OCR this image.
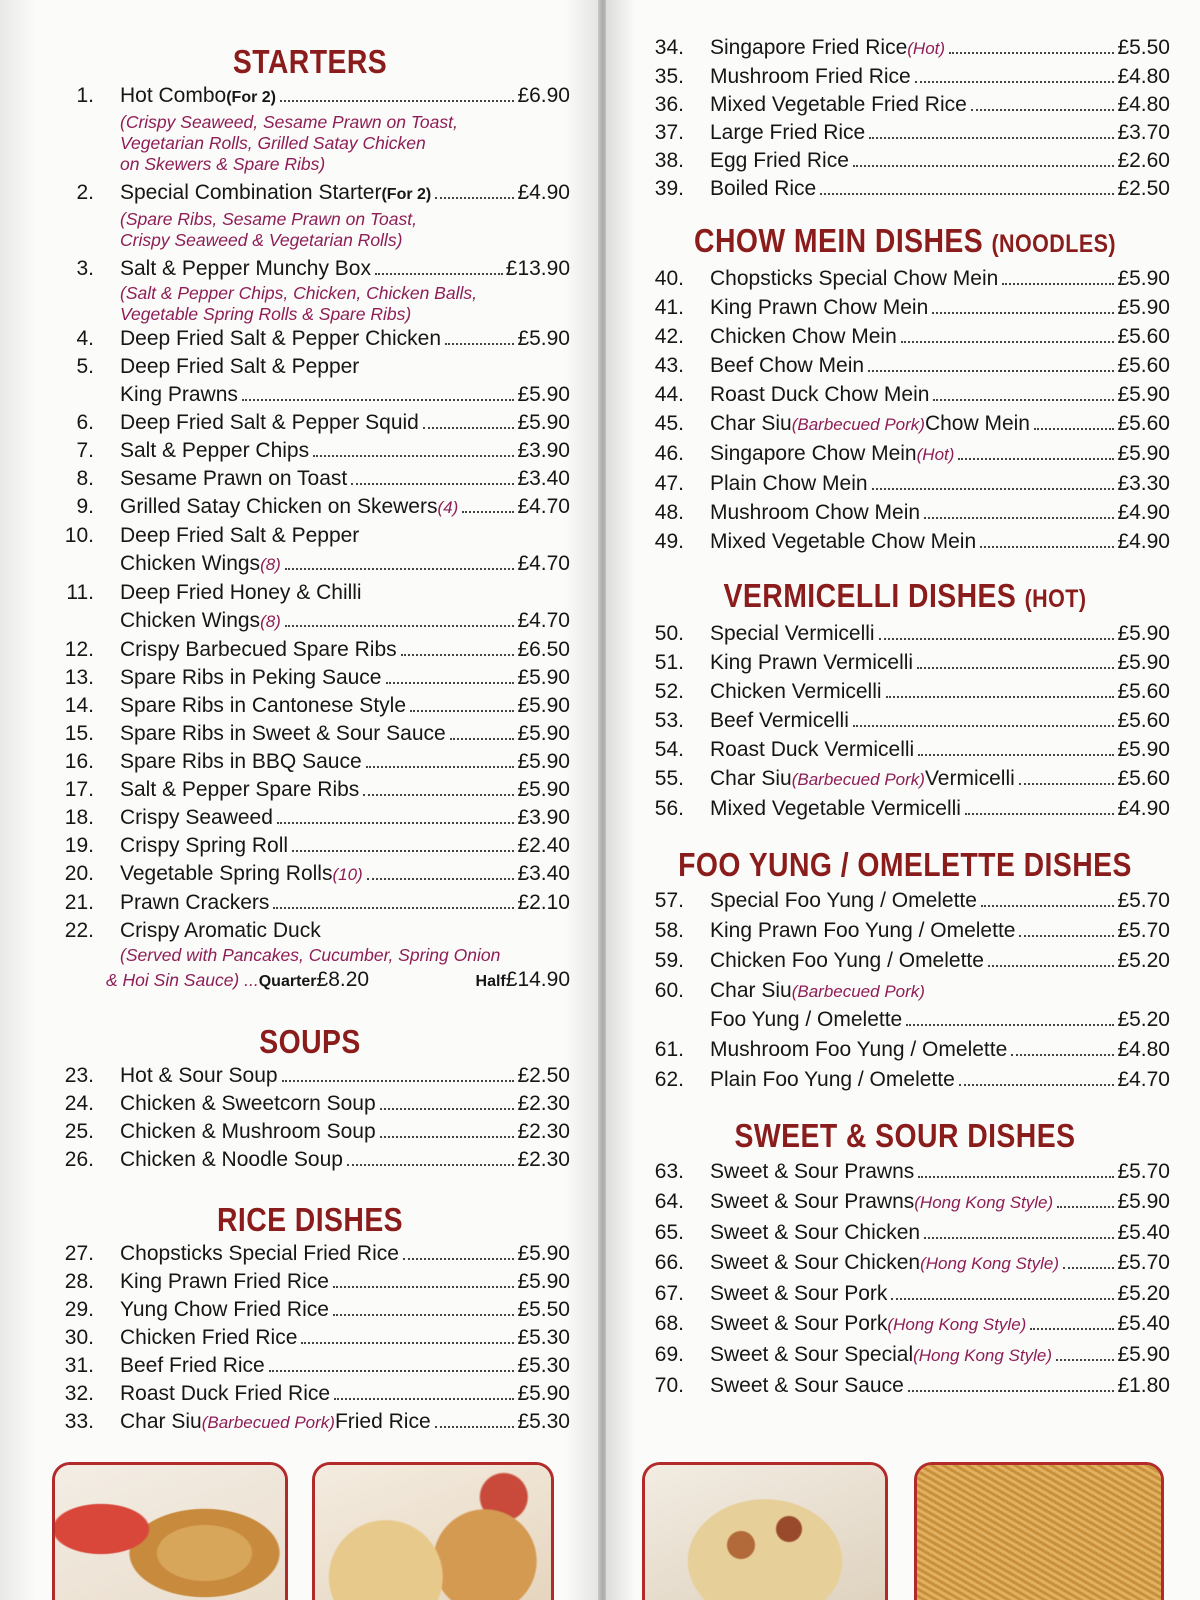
STARTERS
1. Hot Combo (For 2)	£6.90
(Crispy Seaweed, Sesame Prawn on Toast,
Vegetarian Rolls, Grilled Satay Chicken
on Skewers & Spare Ribs)
2. Special Combination Starter (For 2)	£4.90
(Spare Ribs, Sesame Prawn on Toast,
Crispy Seaweed & Vegetarian Rolls)
3. Salt & Pepper Munchy Box	£13.90
(Salt & Pepper Chips, Chicken, Chicken Balls,
Vegetable Spring Rolls & Spare Ribs)
4. Deep Fried Salt & Pepper Chicken	£5.90
5. Deep Fried Salt & Pepper
King Prawns	£5.90
6. Deep Fried Salt & Pepper Squid	£5.90
7. Salt & Pepper Chips	£3.90
8. Sesame Prawn on Toast	£3.40
9. Grilled Satay Chicken on Skewers (4)	£4.70
10. Deep Fried Salt & Pepper
Chicken Wings (8)	£4.70
11. Deep Fried Honey & Chilli
Chicken Wings (8)	£4.70
12. Crispy Barbecued Spare Ribs	£6.50
13. Spare Ribs in Peking Sauce	£5.90
14. Spare Ribs in Cantonese Style	£5.90
15. Spare Ribs in Sweet & Sour Sauce	£5.90
16. Spare Ribs in BBQ Sauce	£5.90
17. Salt & Pepper Spare Ribs	£5.90
18. Crispy Seaweed	£3.90
19. Crispy Spring Roll	£2.40
20. Vegetable Spring Rolls (10)	£3.40
21. Prawn Crackers	£2.10
22. Crispy Aromatic Duck
(Served with Pancakes, Cucumber, Spring Onion
& Hoi Sin Sauce) ... Quarter £8.20	Half £14.90
SOUPS
23. Hot & Sour Soup	£2.50
24. Chicken & Sweetcorn Soup	£2.30
25. Chicken & Mushroom Soup	£2.30
26. Chicken & Noodle Soup	£2.30
RICE DISHES
27. Chopsticks Special Fried Rice	£5.90
28. King Prawn Fried Rice	£5.90
29. Yung Chow Fried Rice	£5.50
30. Chicken Fried Rice	£5.30
31. Beef Fried Rice	£5.30
32. Roast Duck Fried Rice	£5.90
33. Char Siu (Barbecued Pork) Fried Rice	£5.30
34. Singapore Fried Rice (Hot)	£5.50
35. Mushroom Fried Rice	£4.80
36. Mixed Vegetable Fried Rice	£4.80
37. Large Fried Rice	£3.70
38. Egg Fried Rice	£2.60
39. Boiled Rice	£2.50
CHOW MEIN DISHES (NOODLES)
40. Chopsticks Special Chow Mein	£5.90
41. King Prawn Chow Mein	£5.90
42. Chicken Chow Mein	£5.60
43. Beef Chow Mein	£5.60
44. Roast Duck Chow Mein	£5.90
45. Char Siu (Barbecued Pork) Chow Mein	£5.60
46. Singapore Chow Mein (Hot)	£5.90
47. Plain Chow Mein	£3.30
48. Mushroom Chow Mein	£4.90
49. Mixed Vegetable Chow Mein	£4.90
VERMICELLI DISHES (HOT)
50. Special Vermicelli	£5.90
51. King Prawn Vermicelli	£5.90
52. Chicken Vermicelli	£5.60
53. Beef Vermicelli	£5.60
54. Roast Duck Vermicelli	£5.90
55. Char Siu (Barbecued Pork) Vermicelli	£5.60
56. Mixed Vegetable Vermicelli	£4.90
FOO YUNG / OMELETTE DISHES
57. Special Foo Yung / Omelette	£5.70
58. King Prawn Foo Yung / Omelette	£5.70
59. Chicken Foo Yung / Omelette	£5.20
60. Char Siu (Barbecued Pork)
Foo Yung / Omelette	£5.20
61. Mushroom Foo Yung / Omelette	£4.80
62. Plain Foo Yung / Omelette	£4.70
SWEET & SOUR DISHES
63. Sweet & Sour Prawns	£5.70
64. Sweet & Sour Prawns (Hong Kong Style)	£5.90
65. Sweet & Sour Chicken	£5.40
66. Sweet & Sour Chicken (Hong Kong Style)	£5.70
67. Sweet & Sour Pork	£5.20
68. Sweet & Sour Pork (Hong Kong Style)	£5.40
69. Sweet & Sour Special (Hong Kong Style)	£5.90
70. Sweet & Sour Sauce	£1.80
